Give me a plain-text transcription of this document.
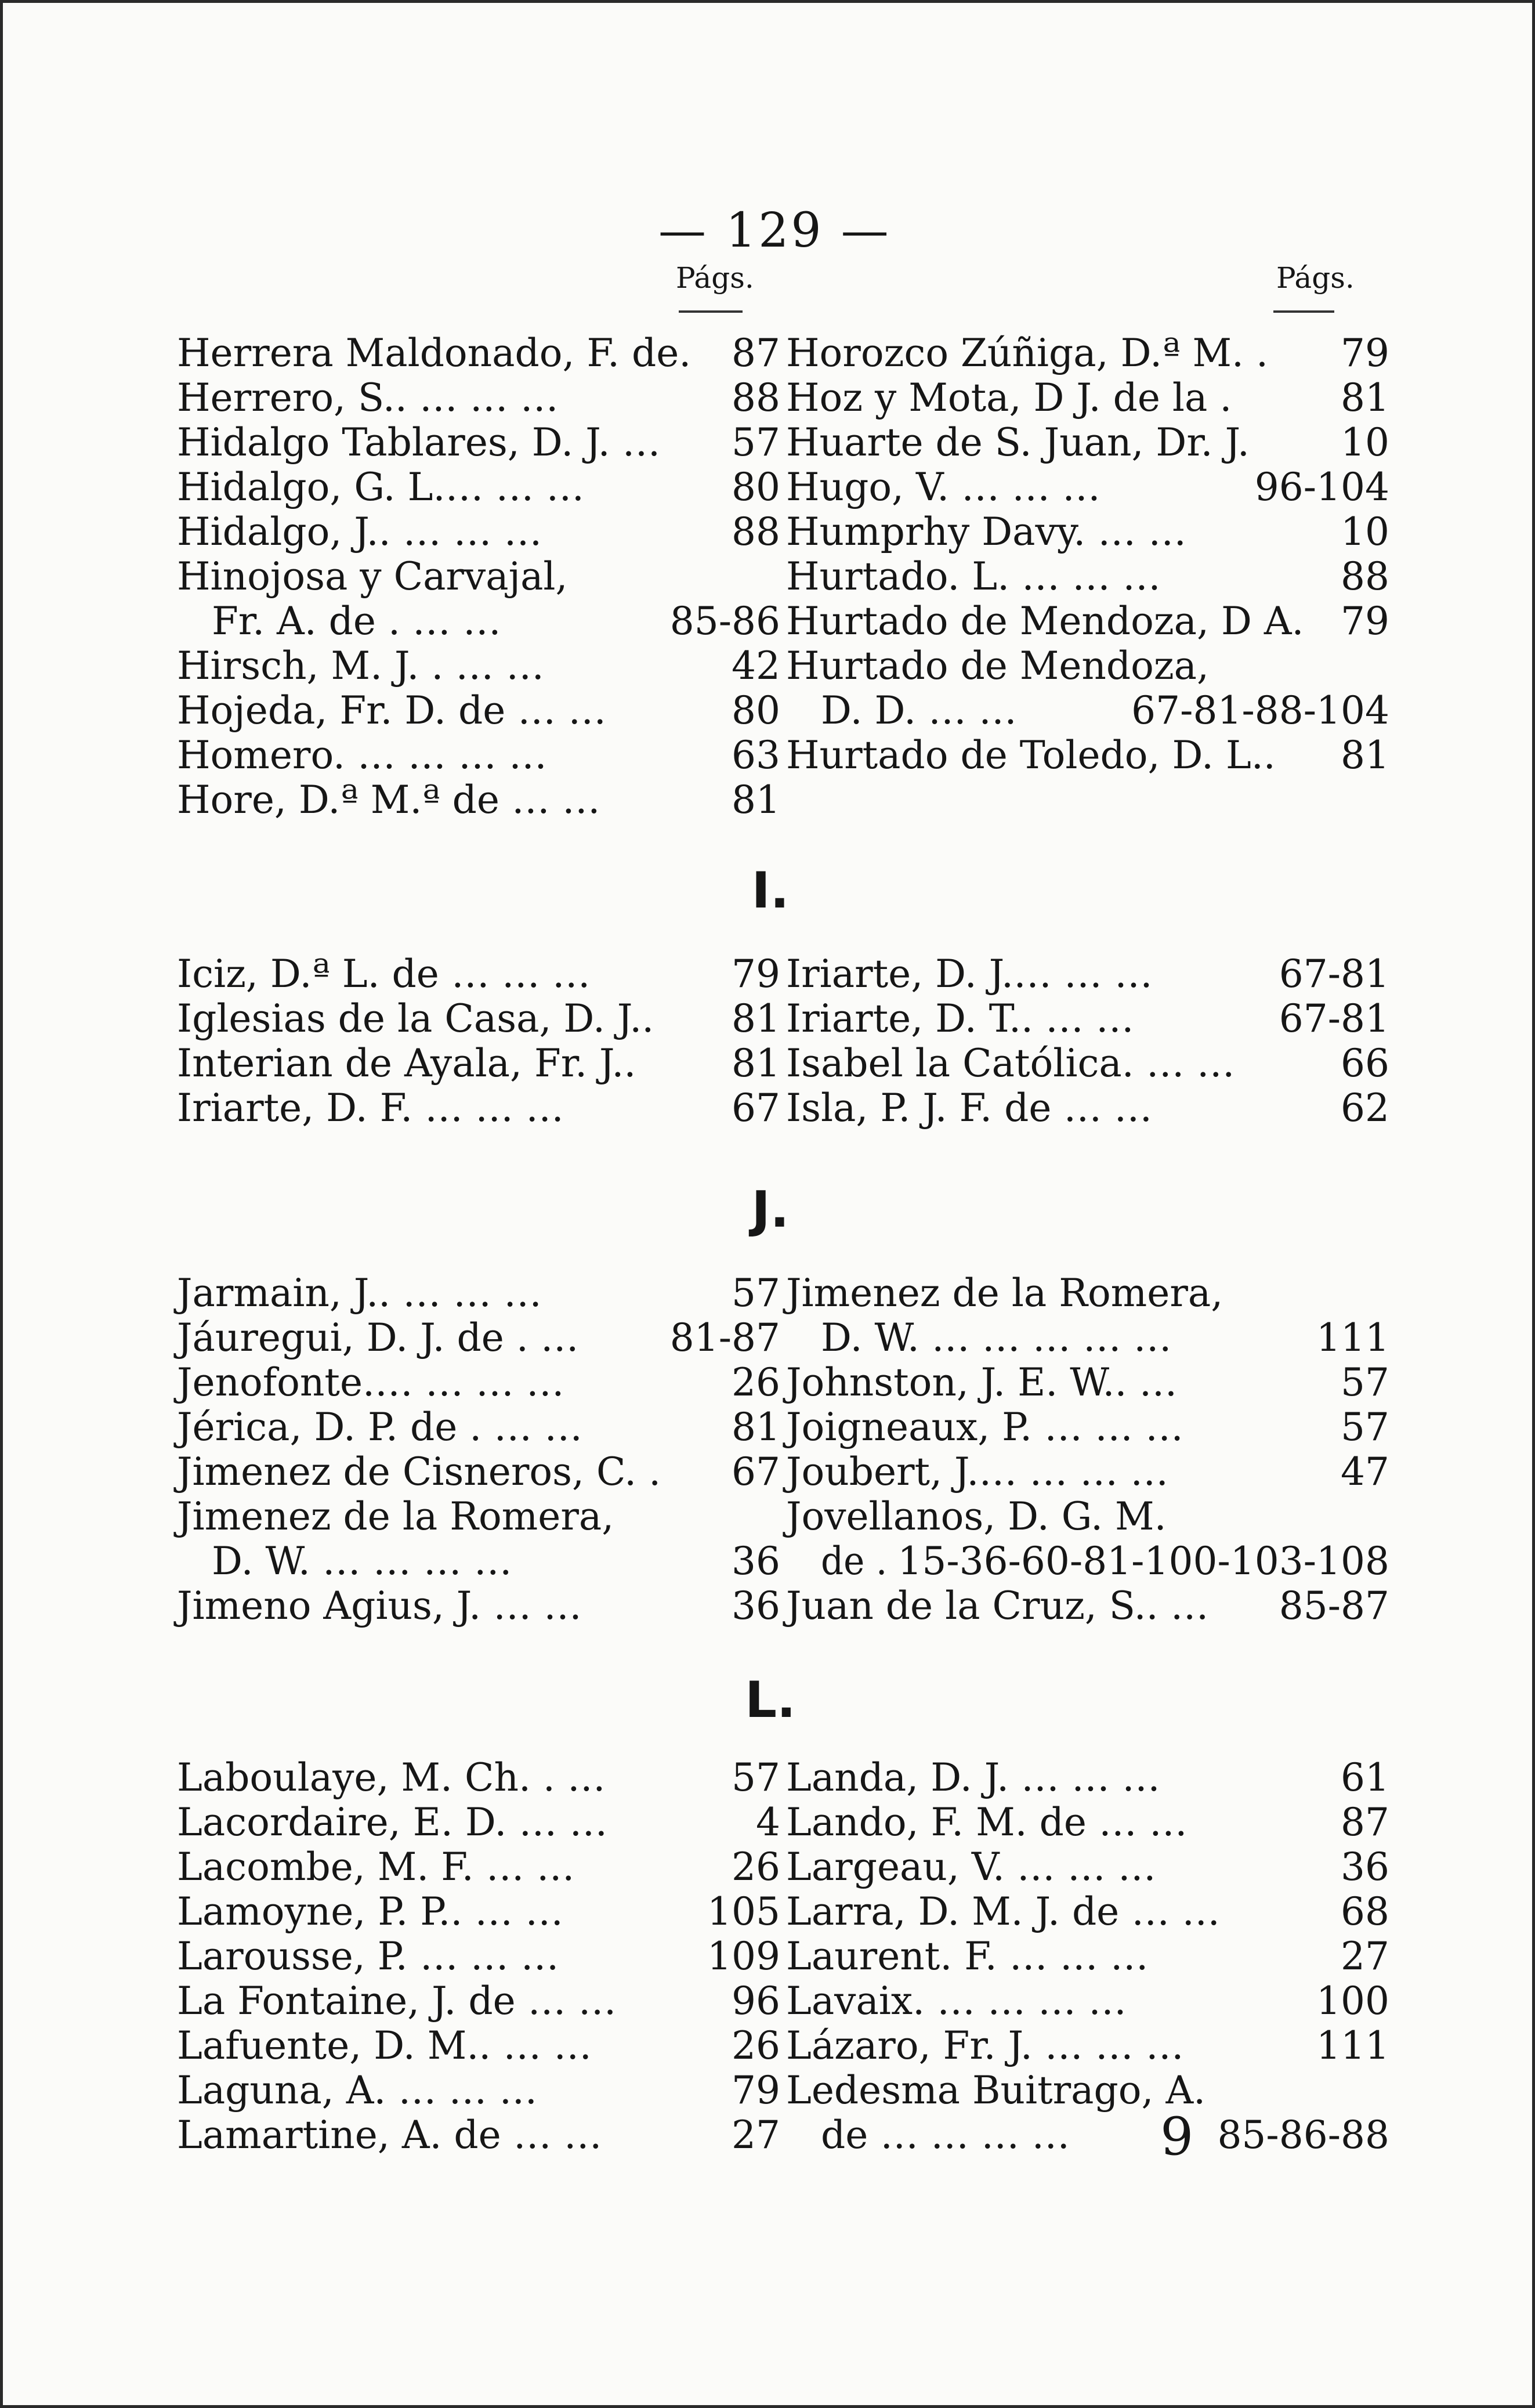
— 129 —
Págs.	Págs.
Herrera Maldonado, F. de. 87
Herrero, S.. … … …	88
Hidalgo Tablares, D. J. … 57
Hidalgo, G. L.… … …	80
Hidalgo, J.. … … …	88
Hinojosa y Carvajal,
Fr. A. de . … …	85-86
Hirsch, M. J. . … …	42
Hojeda, Fr. D. de … …	80
Homero. … … … …	63
Hore, D.ª M.ª de … …	81
Horozco Zúñiga, D.ª M. . 79
Hoz y Mota, D J. de la .	81
Huarte de S. Juan, Dr. J. 10
Hugo, V. … … …	96-104
Humprhy Davy. … …	10
Hurtado. L. … … …	88
Hurtado de Mendoza, D A. 79
Hurtado de Mendoza,
D. D. … …	67-81-88-104
Hurtado de Toledo, D. L.. 81
I.
Iciz, D.ª L. de … … …	79
Iglesias de la Casa, D. J.. 81
Interian de Ayala, Fr. J.. 81
Iriarte, D. F. … … …	67
Iriarte, D. J.… … …	67-81
Iriarte, D. T.. … …	67-81
Isabel la Católica. … …	66
Isla, P. J. F. de … …	62
J.
Jarmain, J.. … … …	57
Jáuregui, D. J. de . … 81-87
Jenofonte.… … … …	26
Jérica, D. P. de . … …	81
Jimenez de Cisneros, C. . 67
Jimenez de la Romera,
D. W. … … … …	36
Jimeno Agius, J. … …	36
Jimenez de la Romera,
D. W. … … … … …	111
Johnston, J. E. W.. …	57
Joigneaux, P. … … …	57
Joubert, J.… … … …	47
Jovellanos, D. G. M.
de . 15-36-60-81-100-103-108
Juan de la Cruz, S.. … 85-87
L.
Laboulaye, M. Ch. . …	57
Lacordaire, E. D. … …	4
Lacombe, M. F. … …	26
Lamoyne, P. P.. … …	105
Larousse, P. … … …	109
La Fontaine, J. de … …	96
Lafuente, D. M.. … …	26
Laguna, A. … … …	79
Lamartine, A. de … …	27
Landa, D. J. … … …	61
Lando, F. M. de … …	87
Largeau, V. … … …	36
Larra, D. M. J. de … …	68
Laurent. F. … … …	27
Lavaix. … … … …	100
Lázaro, Fr. J. … … …	111
Ledesma Buitrago, A.
de … … … …	85-86-88
9
